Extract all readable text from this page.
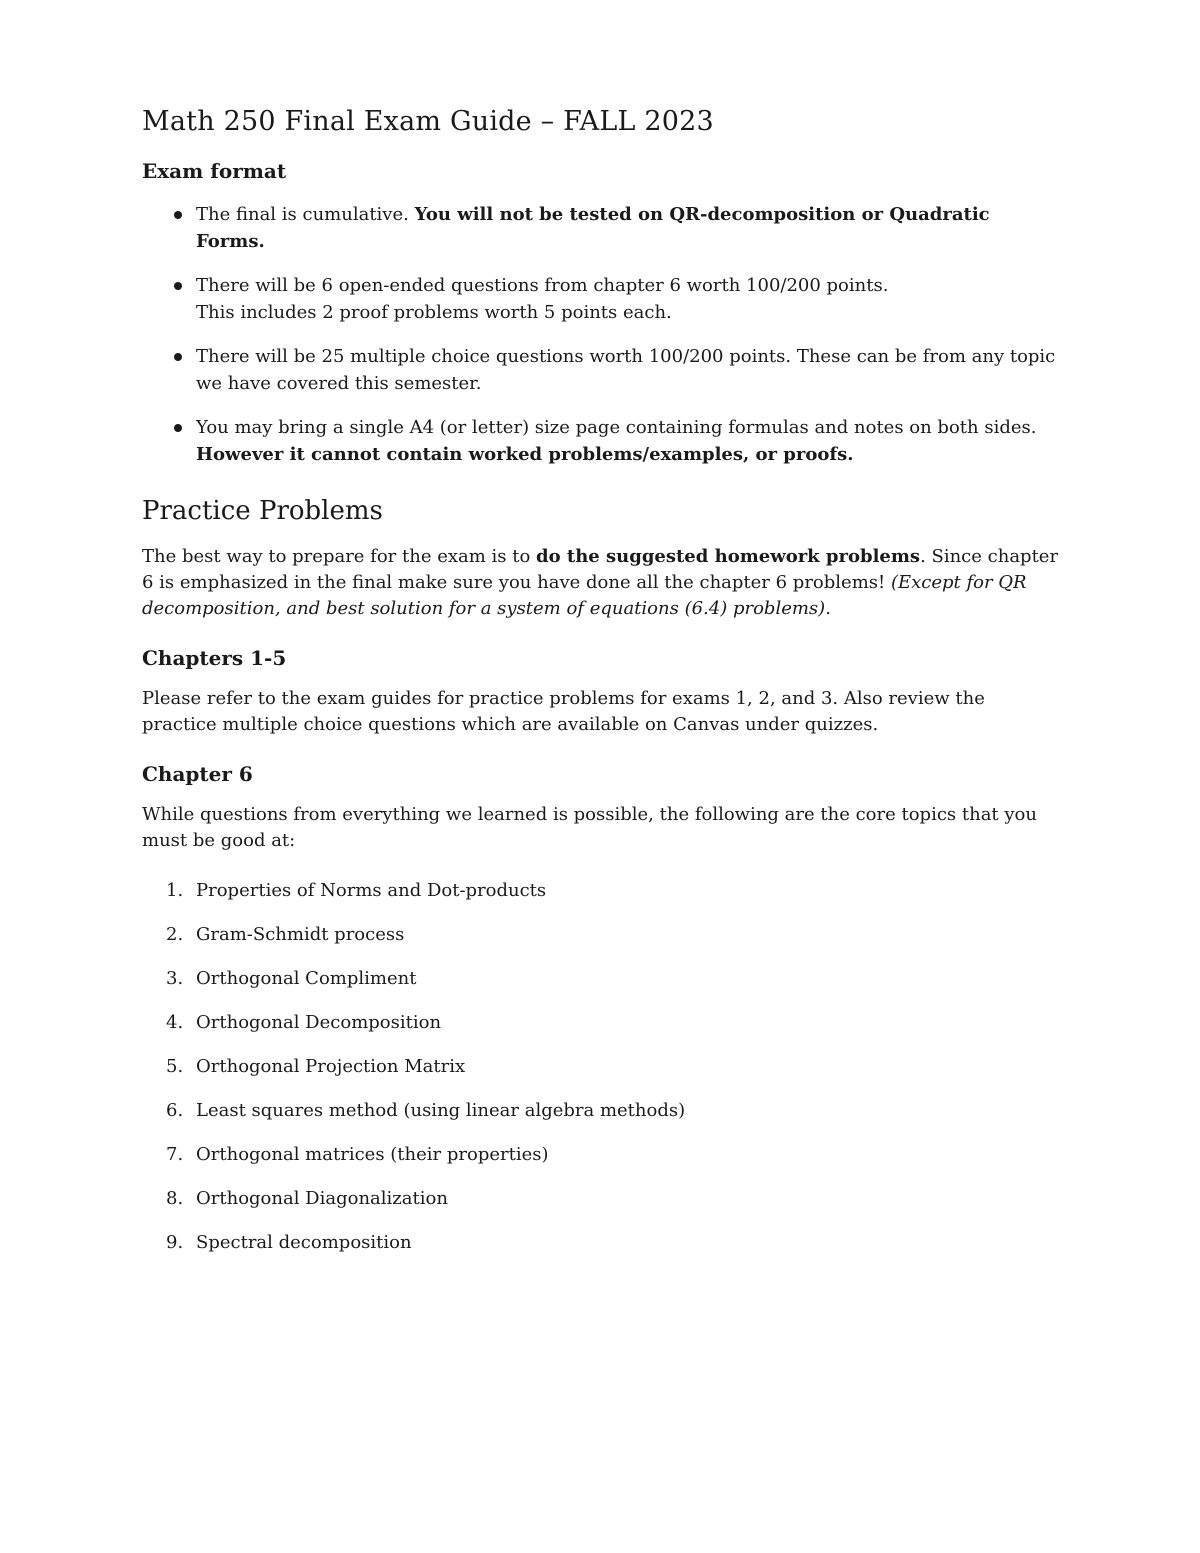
Math 250 Final Exam Guide – FALL 2023
Exam format
The final is cumulative. You will not be tested on QR-decomposition or Quadratic Forms.
There will be 6 open-ended questions from chapter 6 worth 100/200 points.
This includes 2 proof problems worth 5 points each.
There will be 25 multiple choice questions worth 100/200 points. These can be from any topic we have covered this semester.
You may bring a single A4 (or letter) size page containing formulas and notes on both sides. However it cannot contain worked problems/examples, or proofs.
Practice Problems

The best way to prepare for the exam is to do the suggested homework problems. Since chapter 6 is emphasized in the final make sure you have done all the chapter 6 problems! (Except for QR decomposition, and best solution for a system of equations (6.4) problems).

Chapters 1-5

Please refer to the exam guides for practice problems for exams 1, 2, and 3. Also review the practice multiple choice questions which are available on Canvas under quizzes.

Chapter 6

While questions from everything we learned is possible, the following are the core topics that you must be good at:

1. Properties of Norms and Dot-products
2. Gram-Schmidt process
3. Orthogonal Compliment
4. Orthogonal Decomposition
5. Orthogonal Projection Matrix
6. Least squares method (using linear algebra methods)
7. Orthogonal matrices (their properties)
8. Orthogonal Diagonalization
9. Spectral decomposition
